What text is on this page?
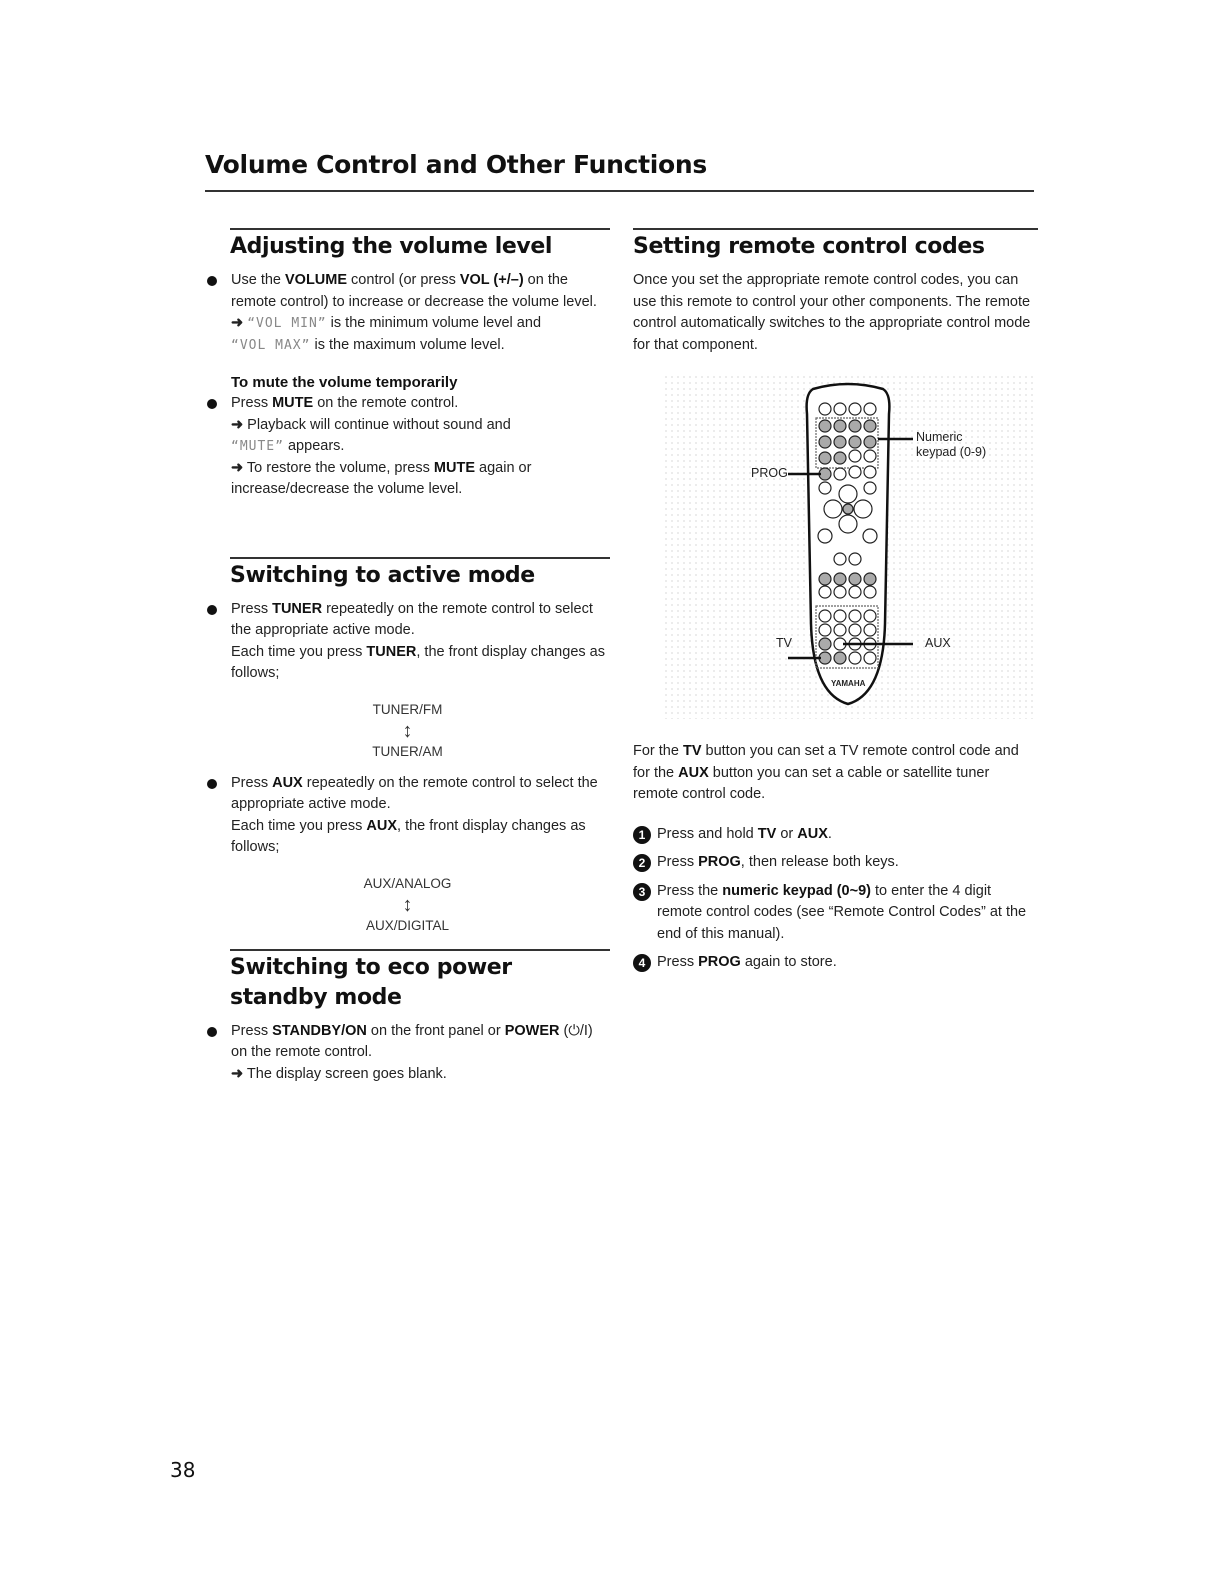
Volume Control and Other Functions
Adjusting the volume level
Use the VOLUME control (or press VOL (+/–) on the remote control) to increase or decrease the volume level.
➜ “VOL MIN” is the minimum volume level and
“VOL MAX” is the maximum volume level.
To mute the volume temporarily
Press MUTE on the remote control.
➜ Playback will continue without sound and
“MUTE” appears.
➜ To restore the volume, press MUTE again or increase/decrease the volume level.
Switching to active mode
Press TUNER repeatedly on the remote control to select the appropriate active mode.
Each time you press TUNER, the front display changes as follows;
TUNER/FM
↕
TUNER/AM
Press AUX repeatedly on the remote control to select the appropriate active mode.
Each time you press AUX, the front display changes as follows;
AUX/ANALOG
↕
AUX/DIGITAL
Switching to eco power standby mode
Press STANDBY/ON on the front panel or POWER (⏻/I) on the remote control.
➜ The display screen goes blank.
Setting remote control codes
Once you set the appropriate remote control codes, you can use this remote to control your other components. The remote control automatically switches to the appropriate control mode for that component.
Numeric keypad (0-9)
PROG
TV	AUX
YAMAHA
For the TV button you can set a TV remote control code and for the AUX button you can set a cable or satellite tuner remote control code.
1 Press and hold TV or AUX.
2 Press PROG, then release both keys.
3 Press the numeric keypad (0~9) to enter the 4 digit remote control codes (see “Remote Control Codes” at the end of this manual).
4 Press PROG again to store.
38
